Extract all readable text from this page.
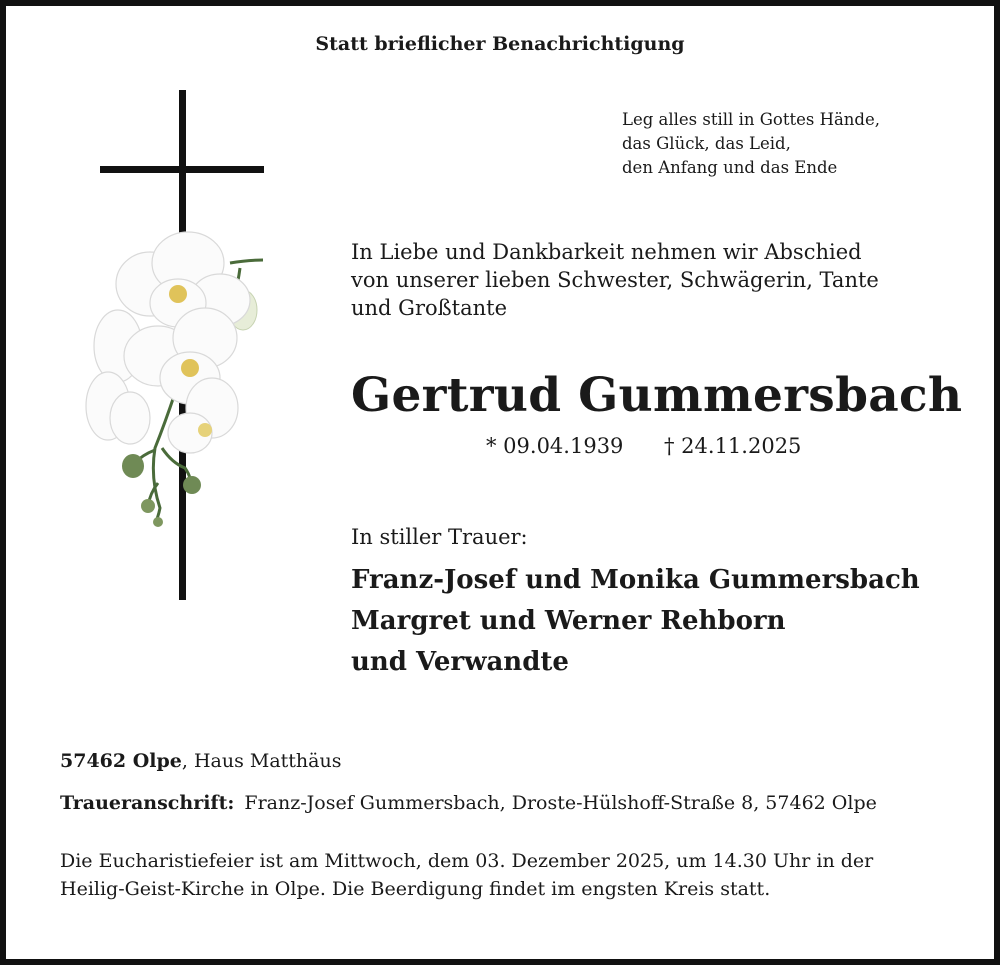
Statt brieflicher Benachrichtigung
Leg alles still in Gottes Hände,
das Glück, das Leid,
den Anfang und das Ende
In Liebe und Dankbarkeit nehmen wir Abschied
von unserer lieben Schwester, Schwägerin, Tante
und Großtante
Gertrud Gummersbach
* 09.04.1939 † 24.11.2025
In stiller Trauer:
Franz-Josef und Monika Gummersbach
Margret und Werner Rehborn
und Verwandte
57462 Olpe, Haus Matthäus
Traueranschrift: Franz-Josef Gummersbach, Droste-Hülshoff-Straße 8, 57462 Olpe
Die Eucharistiefeier ist am Mittwoch, dem 03. Dezember 2025, um 14.30 Uhr in der
Heilig-Geist-Kirche in Olpe. Die Beerdigung findet im engsten Kreis statt.
